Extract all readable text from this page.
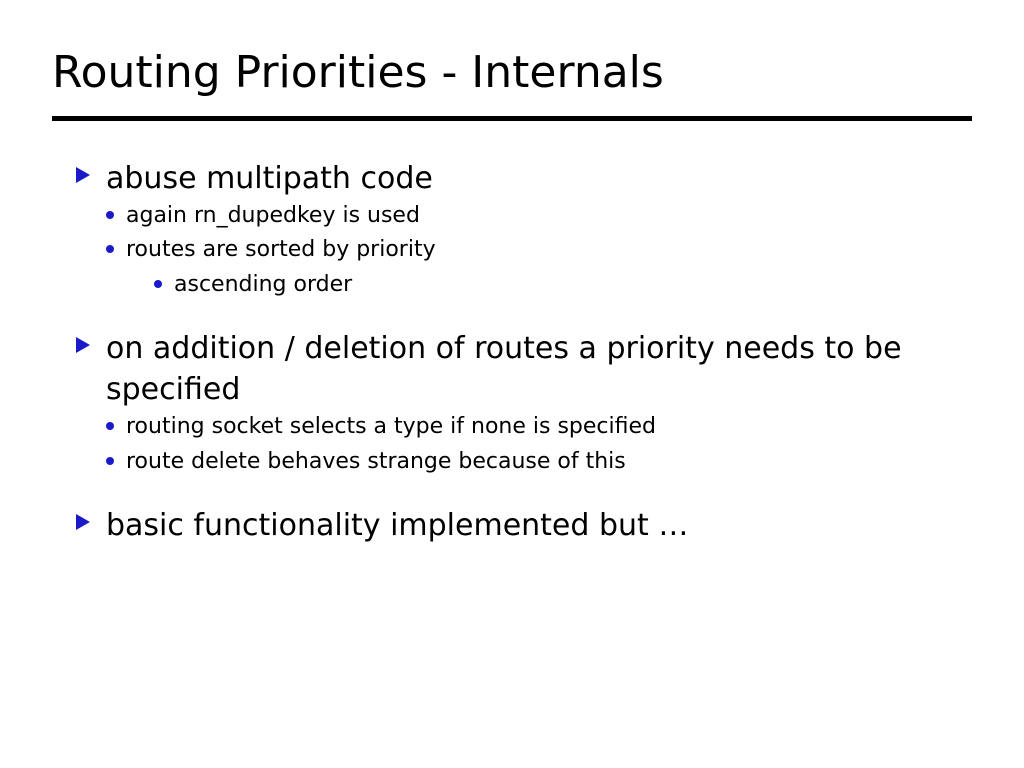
Routing Priorities - Internals
abuse multipath code
again rn_dupedkey is used
routes are sorted by priority
ascending order
on addition / deletion of routes a priority needs to be specified
routing socket selects a type if none is specified
route delete behaves strange because of this
basic functionality implemented but …
